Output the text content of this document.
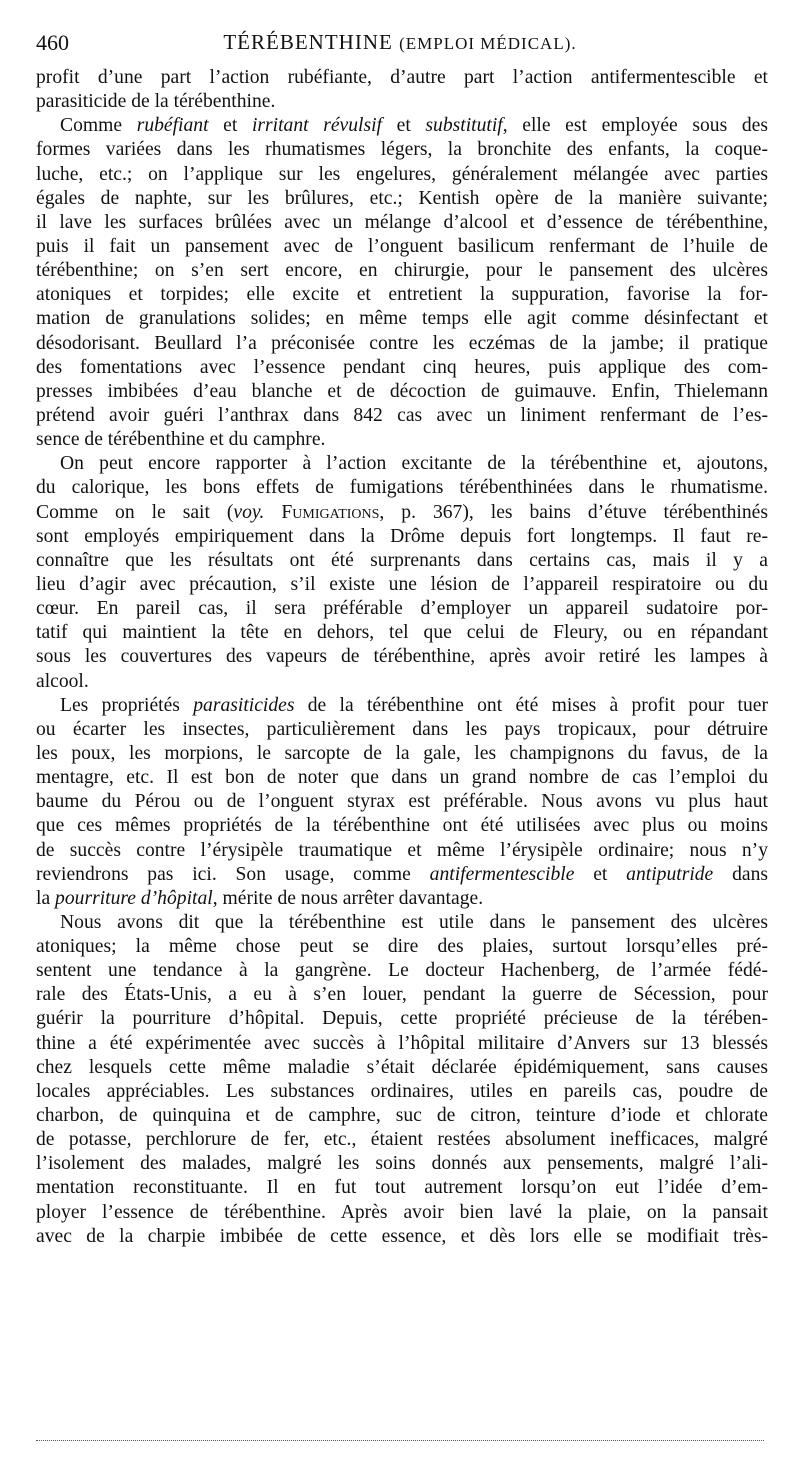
460	TÉRÉBENTHINE (EMPLOI MÉDICAL).
profit d’une part l’action rubéfiante, d’autre part l’action antifermentescible et
parasiticide de la térébenthine.
Comme rubéfiant et irritant révulsif et substitutif, elle est employée sous des
formes variées dans les rhumatismes légers, la bronchite des enfants, la coque-
luche, etc.; on l’applique sur les engelures, généralement mélangée avec parties
égales de naphte, sur les brûlures, etc.; Kentish opère de la manière suivante;
il lave les surfaces brûlées avec un mélange d’alcool et d’essence de térébenthine,
puis il fait un pansement avec de l’onguent basilicum renfermant de l’huile de
térébenthine; on s’en sert encore, en chirurgie, pour le pansement des ulcères
atoniques et torpides; elle excite et entretient la suppuration, favorise la for-
mation de granulations solides; en même temps elle agit comme désinfectant et
désodorisant. Beullard l’a préconisée contre les eczémas de la jambe; il pratique
des fomentations avec l’essence pendant cinq heures, puis applique des com-
presses imbibées d’eau blanche et de décoction de guimauve. Enfin, Thielemann
prétend avoir guéri l’anthrax dans 842 cas avec un liniment renfermant de l’es-
sence de térébenthine et du camphre.
On peut encore rapporter à l’action excitante de la térébenthine et, ajoutons,
du calorique, les bons effets de fumigations térébenthinées dans le rhumatisme.
Comme on le sait (voy. Fumigations, p. 367), les bains d’étuve térébenthinés
sont employés empiriquement dans la Drôme depuis fort longtemps. Il faut re-
connaître que les résultats ont été surprenants dans certains cas, mais il y a
lieu d’agir avec précaution, s’il existe une lésion de l’appareil respiratoire ou du
cœur. En pareil cas, il sera préférable d’employer un appareil sudatoire por-
tatif qui maintient la tête en dehors, tel que celui de Fleury, ou en répandant
sous les couvertures des vapeurs de térébenthine, après avoir retiré les lampes à
alcool.
Les propriétés parasiticides de la térébenthine ont été mises à profit pour tuer
ou écarter les insectes, particulièrement dans les pays tropicaux, pour détruire
les poux, les morpions, le sarcopte de la gale, les champignons du favus, de la
mentagre, etc. Il est bon de noter que dans un grand nombre de cas l’emploi du
baume du Pérou ou de l’onguent styrax est préférable. Nous avons vu plus haut
que ces mêmes propriétés de la térébenthine ont été utilisées avec plus ou moins
de succès contre l’érysipèle traumatique et même l’érysipèle ordinaire; nous n’y
reviendrons pas ici. Son usage, comme antifermentescible et antiputride dans
la pourriture d’hôpital, mérite de nous arrêter davantage.
Nous avons dit que la térébenthine est utile dans le pansement des ulcères
atoniques; la même chose peut se dire des plaies, surtout lorsqu’elles pré-
sentent une tendance à la gangrène. Le docteur Hachenberg, de l’armée fédé-
rale des États-Unis, a eu à s’en louer, pendant la guerre de Sécession, pour
guérir la pourriture d’hôpital. Depuis, cette propriété précieuse de la térében-
thine a été expérimentée avec succès à l’hôpital militaire d’Anvers sur 13 blessés
chez lesquels cette même maladie s’était déclarée épidémiquement, sans causes
locales appréciables. Les substances ordinaires, utiles en pareils cas, poudre de
charbon, de quinquina et de camphre, suc de citron, teinture d’iode et chlorate
de potasse, perchlorure de fer, etc., étaient restées absolument inefficaces, malgré
l’isolement des malades, malgré les soins donnés aux pensements, malgré l’ali-
mentation reconstituante. Il en fut tout autrement lorsqu’on eut l’idée d’em-
ployer l’essence de térébenthine. Après avoir bien lavé la plaie, on la pansait
avec de la charpie imbibée de cette essence, et dès lors elle se modifiait très-
